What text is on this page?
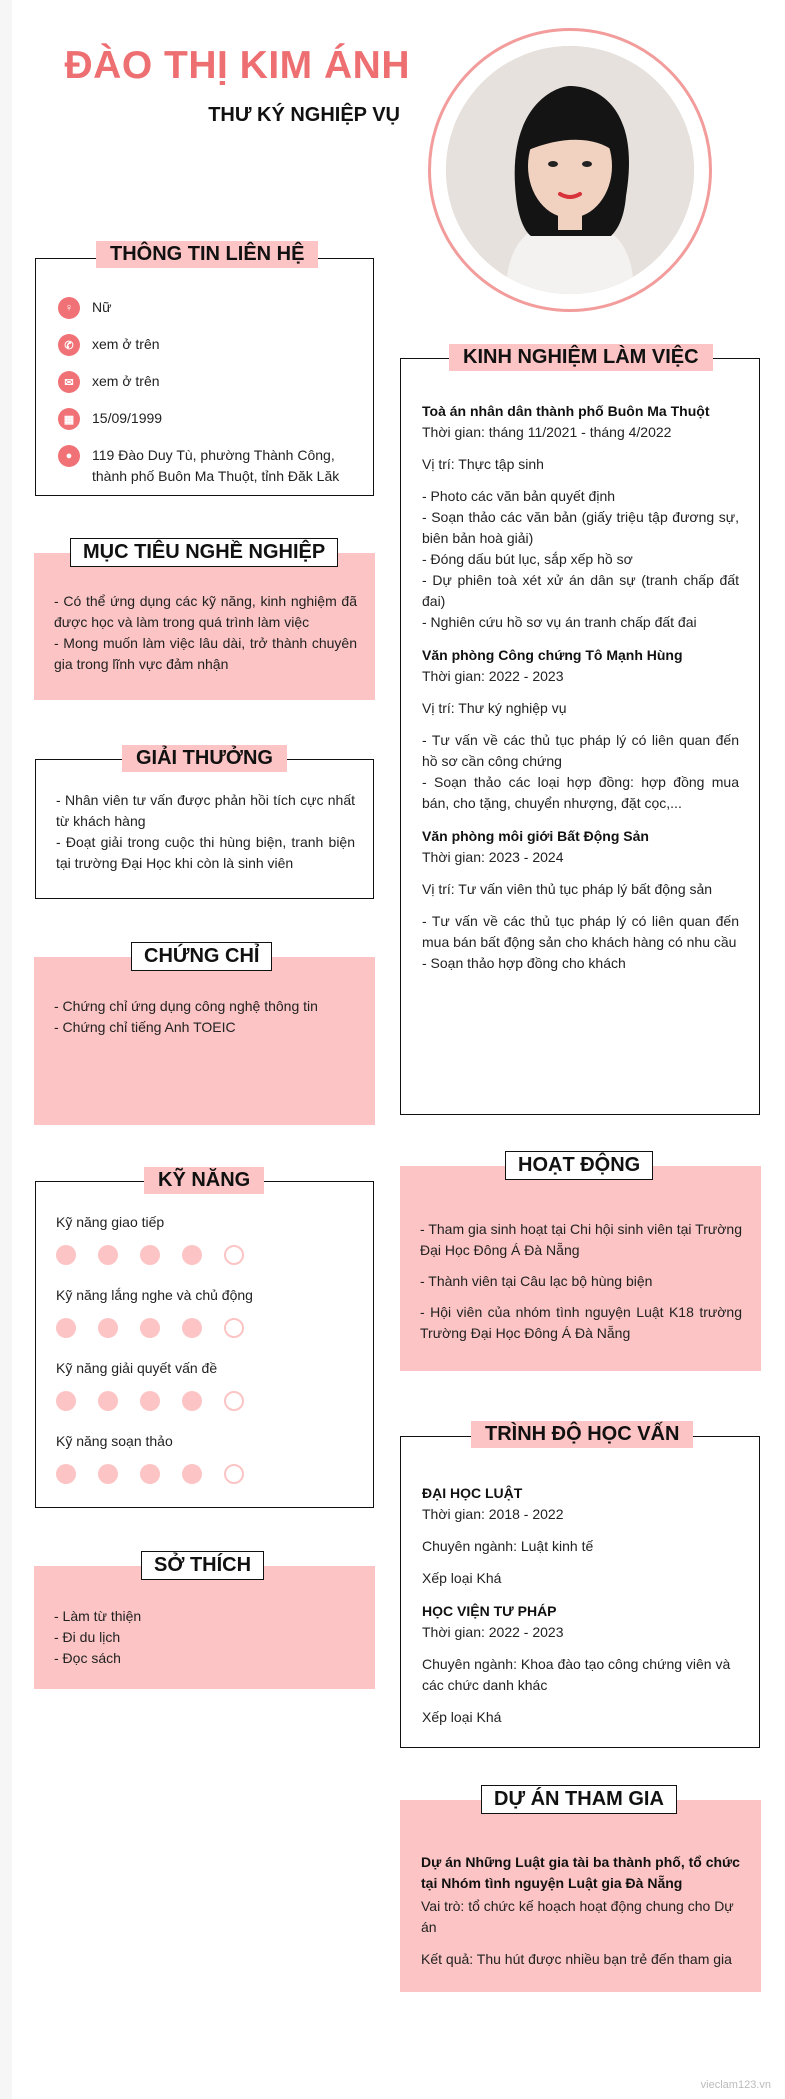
ĐÀO THỊ KIM ÁNH
THƯ KÝ NGHIỆP VỤ
♀	Nữ
✆	xem ở trên
✉	xem ở trên
▦	15/09/1999
●	119 Đào Duy Tù, phường Thành Công, thành phố Buôn Ma Thuột, tỉnh Đăk Lăk
THÔNG TIN LIÊN HỆ

- Có thể ứng dụng các kỹ năng, kinh nghiệm đã được học và làm trong quá trình làm việc

- Mong muốn làm việc lâu dài, trở thành chuyên gia trong lĩnh vực đảm nhận

MỤC TIÊU NGHỀ NGHIỆP

- Nhân viên tư vấn được phản hồi tích cực nhất từ khách hàng

- Đoạt giải trong cuộc thi hùng biện, tranh biện tại trường Đại Học khi còn là sinh viên

GIẢI THƯỞNG

- Chứng chỉ ứng dụng công nghệ thông tin

- Chứng chỉ tiếng Anh TOEIC

CHỨNG CHỈ

Kỹ năng giao tiếp

Kỹ năng lắng nghe và chủ động

Kỹ năng giải quyết vấn đề

Kỹ năng soạn thảo

KỸ NĂNG

- Làm từ thiện

- Đi du lịch

- Đọc sách

SỞ THÍCH

Toà án nhân dân thành phố Buôn Ma Thuột

Thời gian: tháng 11/2021 - tháng 4/2022

Vị trí: Thực tập sinh

- Photo các văn bản quyết định

- Soạn thảo các văn bản (giấy triệu tập đương sự, biên bản hoà giải)

- Đóng dấu bút lục, sắp xếp hồ sơ

- Dự phiên toà xét xử án dân sự (tranh chấp đất đai)

- Nghiên cứu hồ sơ vụ án tranh chấp đất đai

Văn phòng Công chứng Tô Mạnh Hùng

Thời gian: 2022 - 2023

Vị trí: Thư ký nghiệp vụ

- Tư vấn về các thủ tục pháp lý có liên quan đến hồ sơ cần công chứng

- Soạn thảo các loại hợp đồng: hợp đồng mua bán, cho tặng, chuyển nhượng, đặt cọc,...

Văn phòng môi giới Bất Động Sản

Thời gian: 2023 - 2024

Vị trí: Tư vấn viên thủ tục pháp lý bất động sản

- Tư vấn về các thủ tục pháp lý có liên quan đến mua bán bất động sản cho khách hàng có nhu cầu

- Soạn thảo hợp đồng cho khách

KINH NGHIỆM LÀM VIỆC

- Tham gia sinh hoạt tại Chi hội sinh viên tại Trường Đại Học Đông Á Đà Nẵng

- Thành viên tại Câu lạc bộ hùng biện

- Hội viên của nhóm tình nguyện Luật K18 trường Trường Đại Học Đông Á Đà Nẵng

HOẠT ĐỘNG

ĐẠI HỌC LUẬT

Thời gian: 2018 - 2022

Chuyên ngành: Luật kinh tế

Xếp loại Khá

HỌC VIỆN TƯ PHÁP

Thời gian: 2022 - 2023

Chuyên ngành: Khoa đào tạo công chứng viên và các chức danh khác

Xếp loại Khá

TRÌNH ĐỘ HỌC VẤN

Dự án Những Luật gia tài ba thành phố, tổ chức tại Nhóm tình nguyện Luật gia Đà Nẵng

Vai trò: tổ chức kế hoạch hoạt động chung cho Dự án

Kết quả: Thu hút được nhiều bạn trẻ đến tham gia

DỰ ÁN THAM GIA
vieclam123.vn
